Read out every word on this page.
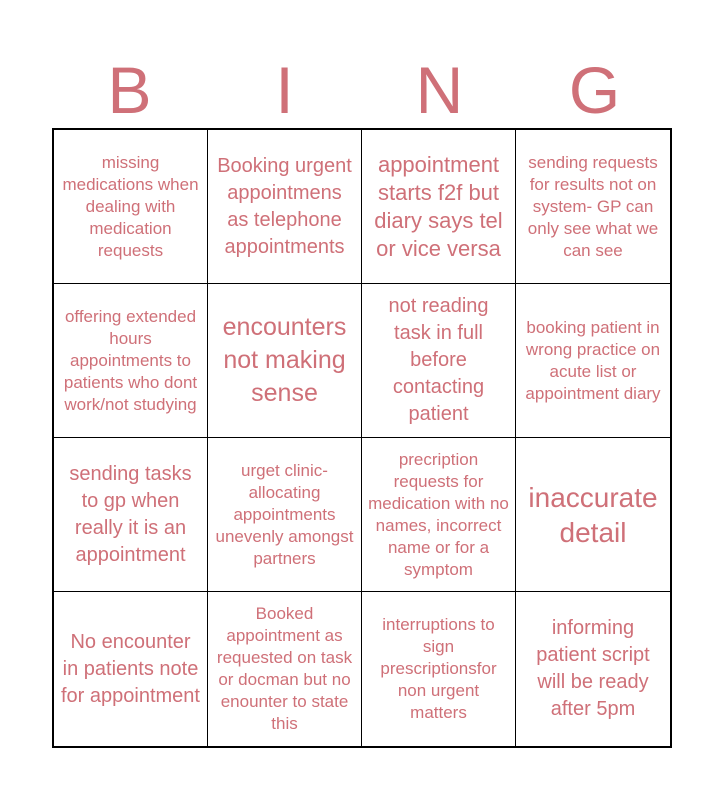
B	I	N	G
missing medications when dealing with medication requests
Booking urgent appointmens as telephone appointments
appointment starts f2f but diary says tel or vice versa
sending requests for results not on system- GP can only see what we can see
offering extended hours appointments to patients who dont work/not studying
encounters not making sense
not reading task in full before contacting patient
booking patient in wrong practice on acute list or appointment diary
sending tasks to gp when really it is an appointment
urget clinic- allocating appointments unevenly amongst partners
precription requests for medication with no names, incorrect name or for a symptom
inaccurate detail
No encounter in patients note for appointment
Booked appointment as requested on task or docman but no enounter to state this
interruptions to sign prescriptionsfor non urgent matters
informing patient script will be ready after 5pm
